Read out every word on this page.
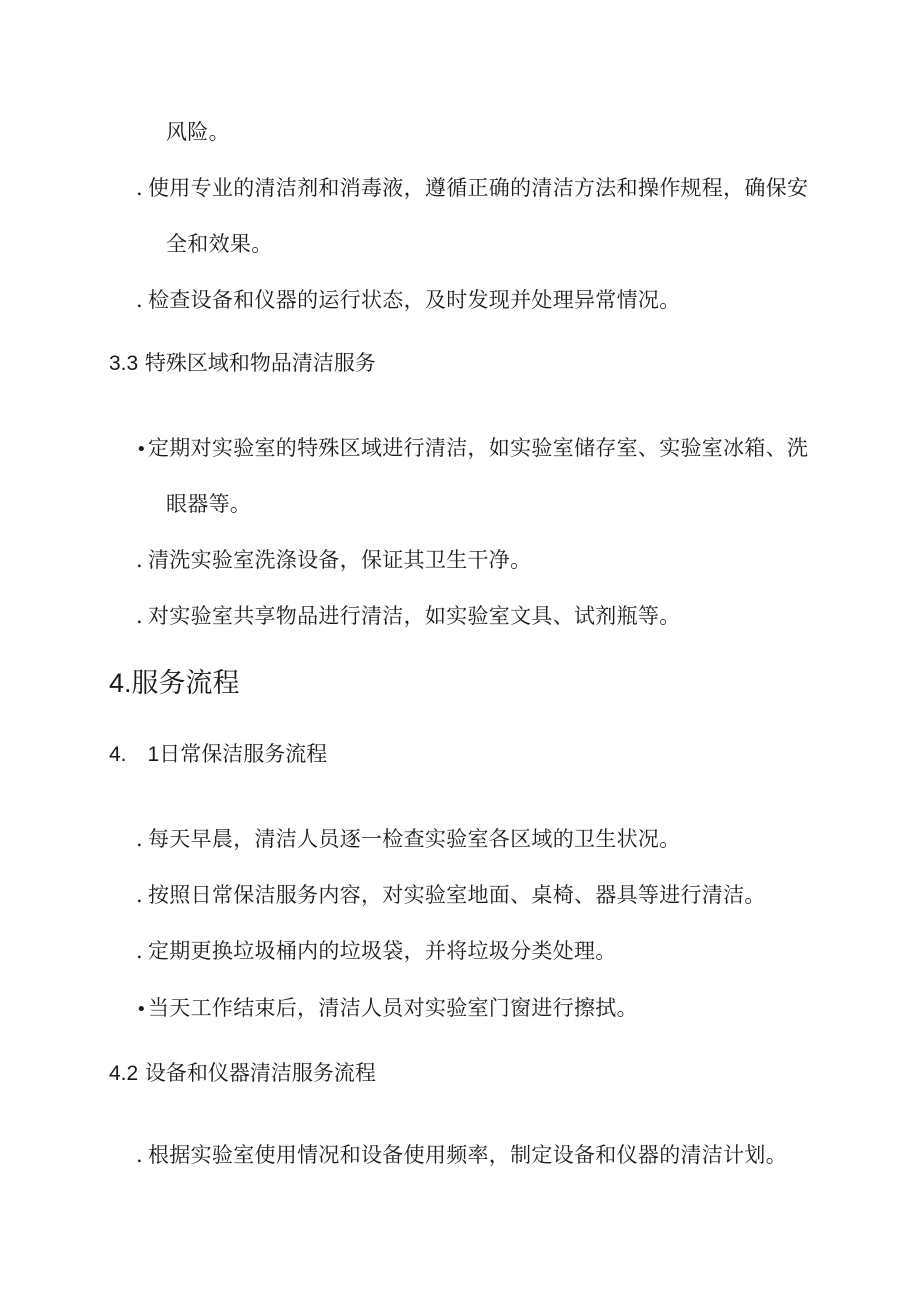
风险。
. 使用专业的清洁剂和消毒液，遵循正确的清洁方法和操作规程，确保安
全和效果。
. 检查设备和仪器的运行状态，及时发现并处理异常情况。
3.3 特殊区域和物品清洁服务
•定期对实验室的特殊区域进行清洁，如实验室储存室、实验室冰箱、洗
眼器等。
. 清洗实验室洗涤设备，保证其卫生干净。
. 对实验室共享物品进行清洁，如实验室文具、试剂瓶等。
4.服务流程
4.　1日常保洁服务流程
. 每天早晨，清洁人员逐一检查实验室各区域的卫生状况。
. 按照日常保洁服务内容，对实验室地面、桌椅、器具等进行清洁。
. 定期更换垃圾桶内的垃圾袋，并将垃圾分类处理。
•当天工作结束后，清洁人员对实验室门窗进行擦拭。
4.2 设备和仪器清洁服务流程
. 根据实验室使用情况和设备使用频率，制定设备和仪器的清洁计划。
